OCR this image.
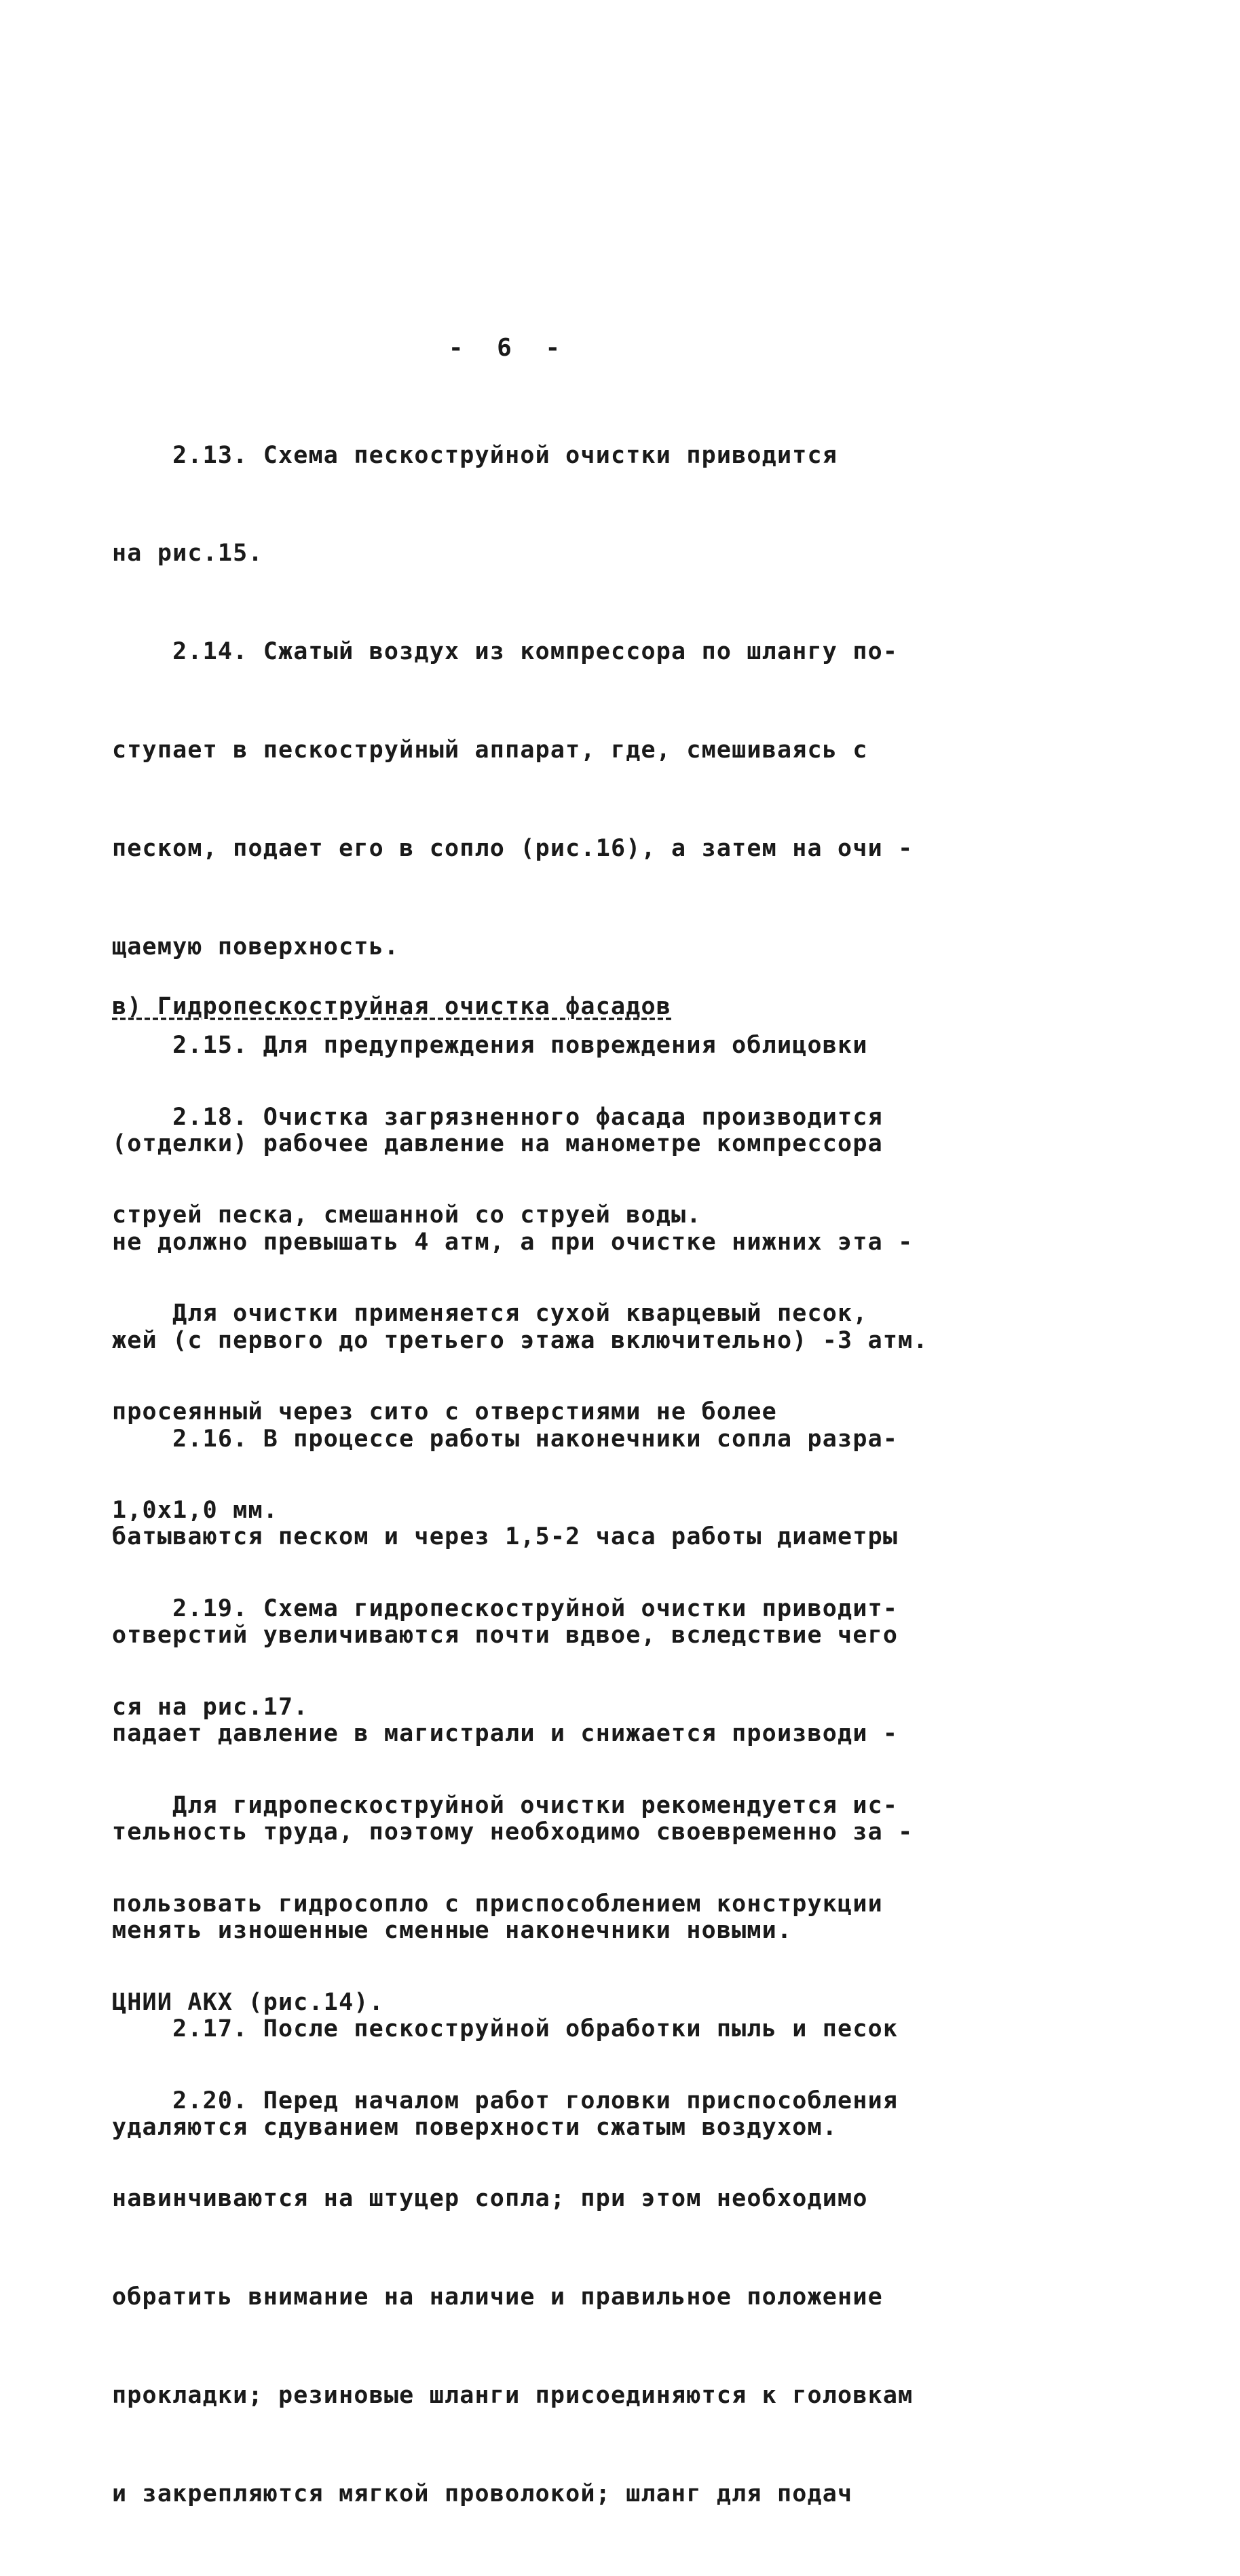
- 6 -

2.13. Схема пескоструйной очистки приводится

на рис.15.

2.14. Сжатый воздух из компрессора по шлангу по-

ступает в пескоструйный аппарат, где, смешиваясь с

песком, подает его в сопло (рис.16), а затем на очи -

щаемую поверхность.

2.15. Для предупреждения повреждения облицовки

(отделки) рабочее давление на манометре компрессора

не должно превышать 4 атм, а при очистке нижних эта -

жей (с первого до третьего этажа включительно) -3 атм.

2.16. В процессе работы наконечники сопла разра-

батываются песком и через 1,5-2 часа работы диаметры

отверстий увеличиваются почти вдвое, вследствие чего

падает давление в магистрали и снижается производи -

тельность труда, поэтому необходимо своевременно за -

менять изношенные сменные наконечники новыми.

2.17. После пескоструйной обработки пыль и песок

удаляются сдуванием поверхности сжатым воздухом.

в) Гидропескоструйная очистка фасадов

2.18. Очистка загрязненного фасада производится

струей песка, смешанной со струей воды.

Для очистки применяется сухой кварцевый песок,

просеянный через сито с отверстиями не более

1,0х1,0 мм.

2.19. Схема гидропескоструйной очистки приводит-

ся на рис.17.

Для гидропескоструйной очистки рекомендуется ис-

пользовать гидросопло с приспособлением конструкции

ЦНИИ АКХ (рис.14).

2.20. Перед началом работ головки приспособления

навинчиваются на штуцер сопла; при этом необходимо

обратить внимание на наличие и правильное положение

прокладки; резиновые шланги присоединяются к головкам

и закрепляются мягкой проволокой; шланг для подач
